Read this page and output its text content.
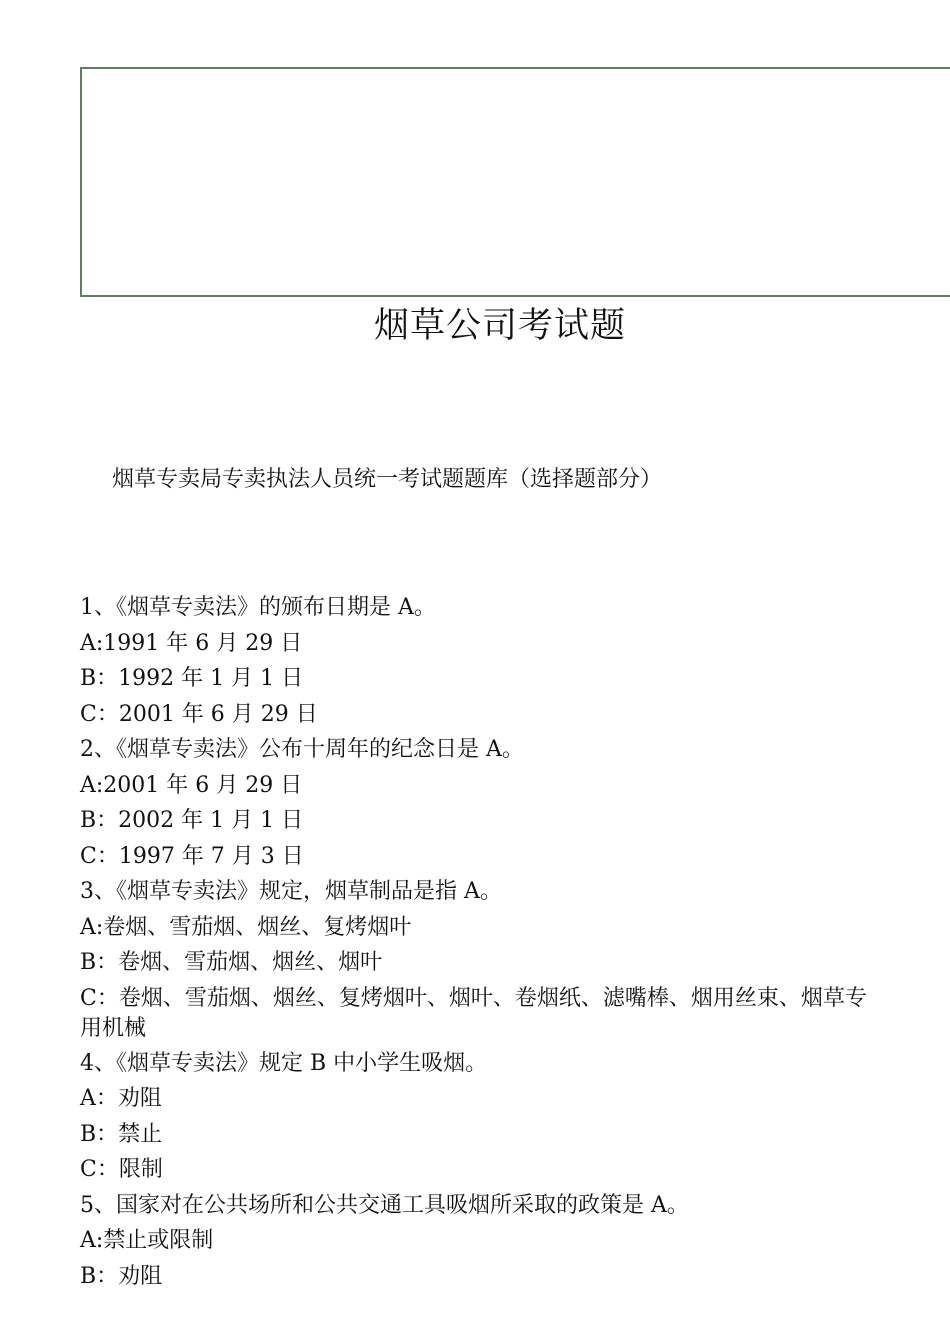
烟草公司考试题
烟草专卖局专卖执法人员统一考试题题库（选择题部分）
1、《烟草专卖法》的颁布日期是 A。
A:1991 年 6 月 29 日
B：1992 年 1 月 1 日
C：2001 年 6 月 29 日
2、《烟草专卖法》公布十周年的纪念日是 A。
A:2001 年 6 月 29 日
B：2002 年 1 月 1 日
C：1997 年 7 月 3 日
3、《烟草专卖法》规定，烟草制品是指 A。
A:卷烟、雪茄烟、烟丝、复烤烟叶
B：卷烟、雪茄烟、烟丝、烟叶
C：卷烟、雪茄烟、烟丝、复烤烟叶、烟叶、卷烟纸、滤嘴棒、烟用丝束、烟草专用机械
4、《烟草专卖法》规定 B 中小学生吸烟。
A：劝阻
B：禁止
C：限制
5、国家对在公共场所和公共交通工具吸烟所采取的政策是 A。
A:禁止或限制
B：劝阻
